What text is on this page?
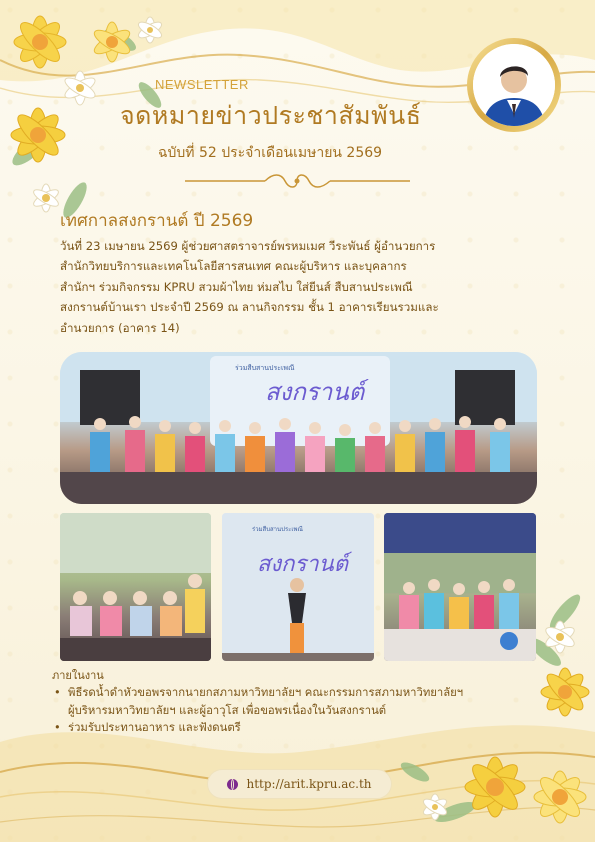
NEWSLETTER
จดหมายข่าวประชาสัมพันธ์
ฉบับที่ 52 ประจำเดือนเมษายน 2569
เทศกาลสงกรานต์ ปี 2569
วันที่ 23 เมษายน 2569 ผู้ช่วยศาสตราจารย์พรหมเมศ วีระพันธ์ ผู้อำนวยการ
สำนักวิทยบริการและเทคโนโลยีสารสนเทศ คณะผู้บริหาร และบุคลากร
สำนักฯ ร่วมกิจกรรม KPRU สวมผ้าไทย ห่มสไบ ใส่ยีนส์ สืบสานประเพณี
สงกรานต์บ้านเรา ประจำปี 2569 ณ ลานกิจกรรม ชั้น 1 อาคารเรียนรวมและ
อำนวยการ (อาคาร 14)
ร่วมสืบสานประเพณี
สงกรานต์
ร่วมสืบสานประเพณี
สงกรานต์
ภายในงาน
• พิธีรดน้ำดำหัวขอพรจากนายกสภามหาวิทยาลัยฯ คณะกรรมการสภามหาวิทยาลัยฯ
ผู้บริหารมหาวิทยาลัยฯ และผู้อาวุโส เพื่อขอพรเนื่องในวันสงกรานต์
• ร่วมรับประทานอาหาร และฟังดนตรี
http://arit.kpru.ac.th
